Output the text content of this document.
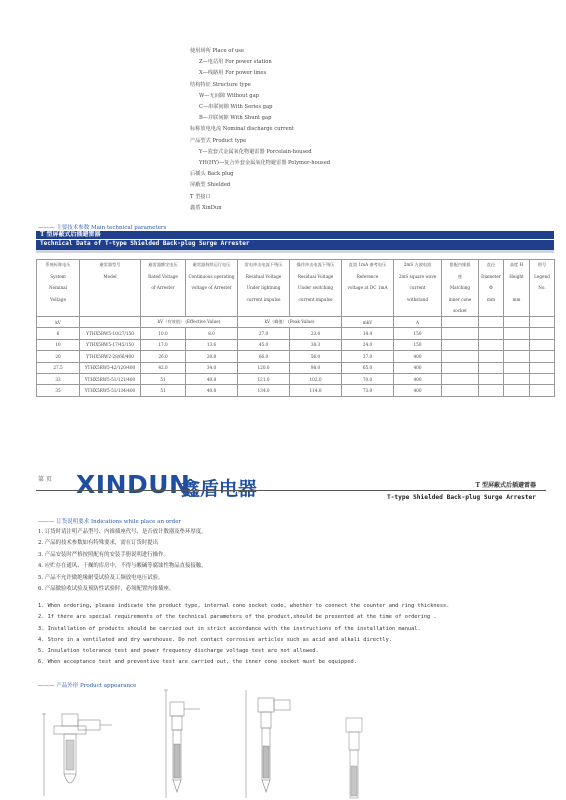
使用场所 Place of use
Z—电站用 For power station
X—线路用 For power lines
结构特征 Structure type
W—无间隙 Without gap
C—串联间隙 With Series gap
B—并联间隙 With Shunt gap
标称放电电流 Nominal discharge current
产品型式 Product type
Y—瓷套式金属氧化物避雷器 Porcelain-housed
YH(HY)—复合外套金属氧化物避雷器 Polymer-housed
后插头 Back plug
屏蔽型 Shielded
T 型接口
鑫盾 XinDun
——— 主要技术参数 Main technical parameters
T 型屏蔽式后插避雷器
Technical Data of T-type Shielded Back-plug Surge Arrester
系统标称电压	避雷器型号	避雷器额定电压	避雷器持续运行电压	雷电冲击电流下残压	操作冲击电流下残压	直流 1mA 参考电压	2mS 方波电流	搭配内锥插	直径	高度 H	图号
System	Model	Rated Voltage	Continuous operating	Residual Voltage	Residual Voltage	Reference	2mS square wave	座	Diameter	Height	Legend
Nominal		of Arrester	voltage of Arrester	Under lightning	Under switching	voltage at DC 1mA	current	Matching	Φ		No.
Voltage				current impulse	current impulse		withstand	inner cone	mm	mm	
								socket			
kV		kV（有效值） (Effective Value)		kV（峰值） (Peak Value)		mkV	A				
6	YTHX5RW5-10/27/150	10.0	8.0	27.0	23.0	14.4	150				
10	YTHX5RW5-17/45/150	17.0	13.6	45.0	38.3	24.0	150				
20	YTHX5RW2-28/66/400	26.0	20.8	66.0	56.0	37.0	400				
27.5	YTHX5RW5-42/120/400	42.0	34.0	120.0	98.0	65.0	400				
33	YTHX5RW5-51/121/400	51	40.8	121.0	102.0	70.0	400				
35	YTHX5RW5-51/134/400	51	40.8	134.0	114.0	73.0	400				
第 页 XINDUN
鑫盾电器	T 型屏蔽式后插避雷器
T-type Shielded Back-plug Surge Arrester
——— 订货说明要求 Indications while place an order
1. 订货时请注明产品型号、内锥插座代号、是否放计数器及垫环厚度。
2. 产品的技术参数如有特殊要求，需在订货时提出
3. 产品安装时严格按照配有的安装手册说明进行操作。
4. 应贮存在通风、干燥的库房中，不得与酸碱等腐蚀性物品直接接触。
5. 产品不允许做绝缘耐受试验及工频放电电压试验。
6. 产品做验收试验及预防性试验时，必须配置内锥插座。
1. When ordering, please indicate the product type, internal cone socket code, whether to connect the counter and ring thickness.
2. If there are special requirements of the technical parameters of the product,should be presented at the time of ordering .
3. Installation of products should be carried out in strict accordance with the instructions of the installation manual.
4. Store in a ventilated and dry warehouse. Do not contact corrosive articles such as acid and alkali directly.
5. Insulation tolerance test and power frequency discharge voltage test are not allowed.
6. When acceptance test and preventive test are carried out, the inner cone socket must be equipped.
——— 产品外形 Product appearance
